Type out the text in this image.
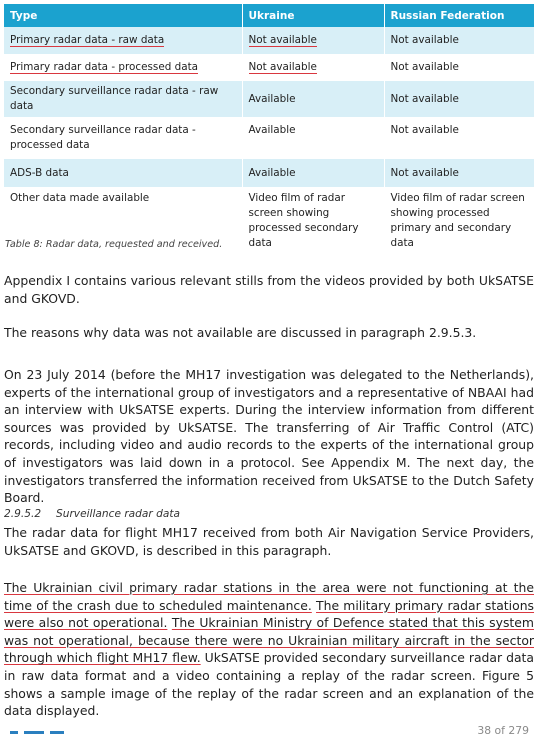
Type	Ukraine	Russian Federation
Primary radar data - raw data	Not available	Not available
Primary radar data - processed data	Not available	Not available
Secondary surveillance radar data - raw data	Available	Not available
Secondary surveillance radar data - processed data	Available	Not available
ADS-B data	Available	Not available
Other data made available	Video film of radar screen showing processed secondary data	Video film of radar screen showing processed primary and secondary data
Table 8: Radar data, requested and received.

Appendix I contains various relevant stills from the videos provided by both UkSATSE and GKOVD.

The reasons why data was not available are discussed in paragraph 2.9.5.3.

On 23 July 2014 (before the MH17 investigation was delegated to the Netherlands), experts of the international group of investigators and a representative of NBAAI had an interview with UkSATSE experts. During the interview information from different sources was provided by UkSATSE. The transferring of Air Traffic Control (ATC) records, including video and audio records to the experts of the international group of investigators was laid down in a protocol. See Appendix M. The next day, the investigators transferred the information received from UkSATSE to the Dutch Safety Board.

2.9.5.2 Surveillance radar data

The radar data for flight MH17 received from both Air Navigation Service Providers, UkSATSE and GKOVD, is described in this paragraph.

The Ukrainian civil primary radar stations in the area were not functioning at the time of the crash due to scheduled maintenance. The military primary radar stations were also not operational. The Ukrainian Ministry of Defence stated that this system was not operational, because there were no Ukrainian military aircraft in the sector through which flight MH17 flew. UkSATSE provided secondary surveillance radar data in raw data format and a video containing a replay of the radar screen. Figure 5 shows a sample image of the replay of the radar screen and an explanation of the data displayed.

38 of 279
